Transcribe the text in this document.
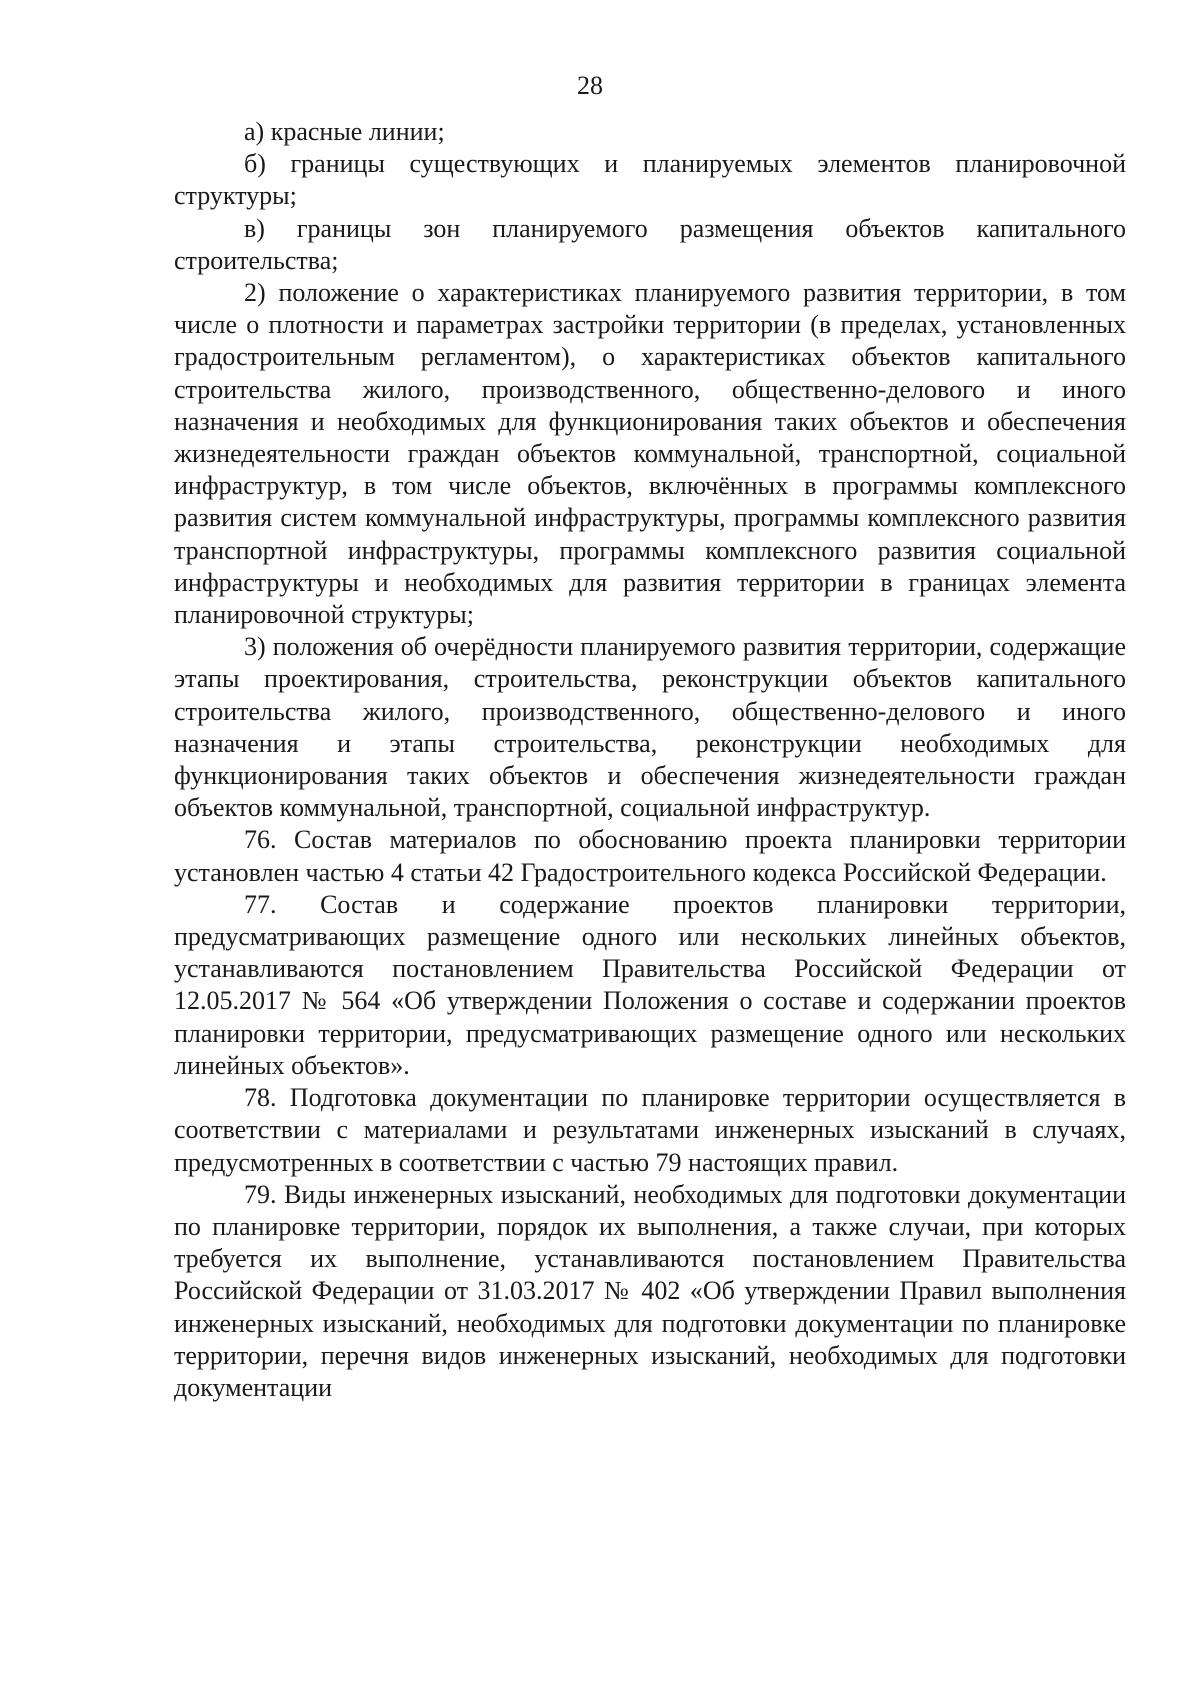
28

а) красные линии;

б) границы существующих и планируемых элементов планировочной структуры;

в) границы зон планируемого размещения объектов капитального строительства;

2) положение о характеристиках планируемого развития территории, в том числе о плотности и параметрах застройки территории (в пределах, установленных градостроительным регламентом), о характеристиках объектов капитального строительства жилого, производственного, общественно-делового и иного назначения и необходимых для функционирования таких объектов и обеспечения жизнедеятельности граждан объектов коммунальной, транспортной, социальной инфраструктур, в том числе объектов, включённых в программы комплексного развития систем коммунальной инфраструктуры, программы комплексного развития транспортной инфраструктуры, программы комплексного развития социальной инфраструктуры и необходимых для развития территории в границах элемента планировочной структуры;

3) положения об очерёдности планируемого развития территории, содержащие этапы проектирования, строительства, реконструкции объектов капитального строительства жилого, производственного, общественно-делового и иного назначения и этапы строительства, реконструкции необходимых для функционирования таких объектов и обеспечения жизнедеятельности граждан объектов коммунальной, транспортной, социальной инфраструктур.

76. Состав материалов по обоснованию проекта планировки территории установлен частью 4 статьи 42 Градостроительного кодекса Российской Федерации.

77. Состав и содержание проектов планировки территории, предусматривающих размещение одного или нескольких линейных объектов, устанавливаются постановлением Правительства Российской Федерации от 12.05.2017 № 564 «Об утверждении Положения о составе и содержании проектов планировки территории, предусматривающих размещение одного или нескольких линейных объектов».

78. Подготовка документации по планировке территории осуществляется в соответствии с материалами и результатами инженерных изысканий в случаях, предусмотренных в соответствии с частью 79 настоящих правил.

79. Виды инженерных изысканий, необходимых для подготовки документации по планировке территории, порядок их выполнения, а также случаи, при которых требуется их выполнение, устанавливаются постановлением Правительства Российской Федерации от 31.03.2017 № 402 «Об утверждении Правил выполнения инженерных изысканий, необходимых для подготовки документации по планировке территории, перечня видов инженерных изысканий, необходимых для подготовки документации
